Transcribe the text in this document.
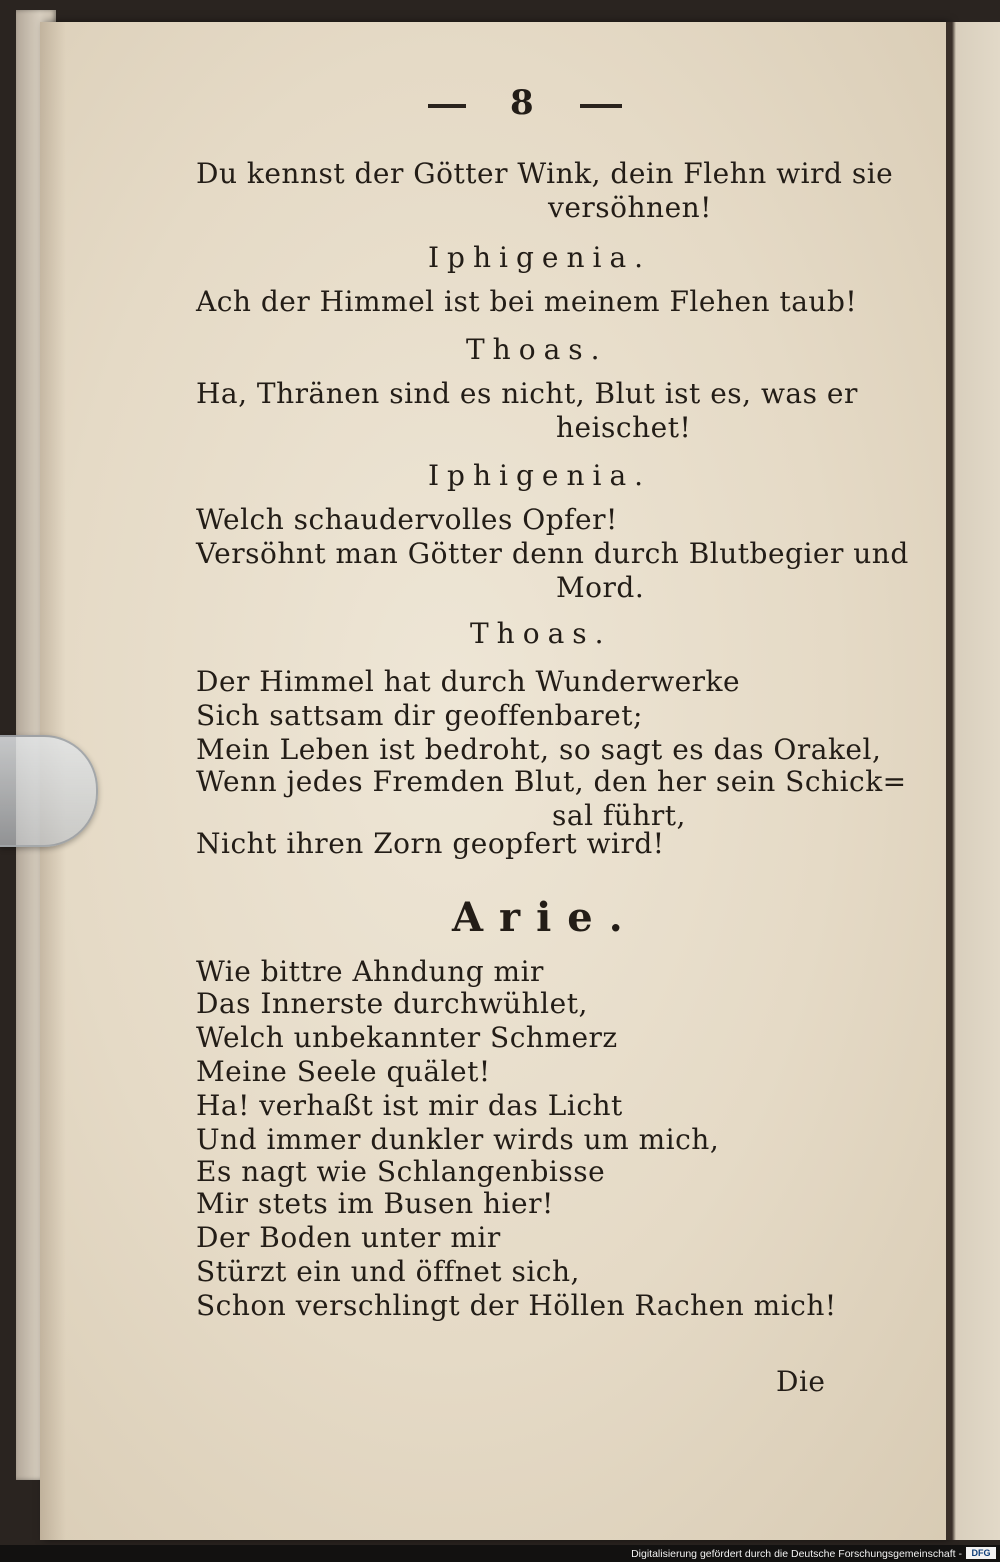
8
Du kennst der Götter Wink, dein Flehn wird sie
versöhnen!
Iphigenia.
Ach der Himmel ist bei meinem Flehen taub!
Thoas.
Ha, Thränen sind es nicht, Blut ist es, was er
heischet!
Iphigenia.
Welch schaudervolles Opfer!
Versöhnt man Götter denn durch Blutbegier und
Mord.
Thoas.
Der Himmel hat durch Wunderwerke
Sich sattsam dir geoffenbaret;
Mein Leben ist bedroht, so sagt es das Orakel,
Wenn jedes Fremden Blut, den her sein Schick=
sal führt,
Nicht ihren Zorn geopfert wird!
Arie.
Wie bittre Ahndung mir
Das Innerste durchwühlet,
Welch unbekannter Schmerz
Meine Seele quälet!
Ha! verhaßt ist mir das Licht
Und immer dunkler wirds um mich,
Es nagt wie Schlangenbisse
Mir stets im Busen hier!
Der Boden unter mir
Stürzt ein und öffnet sich,
Schon verschlingt der Höllen Rachen mich!
Die
Digitalisierung gefördert durch die Deutsche Forschungsgemeinschaft -	DFG
